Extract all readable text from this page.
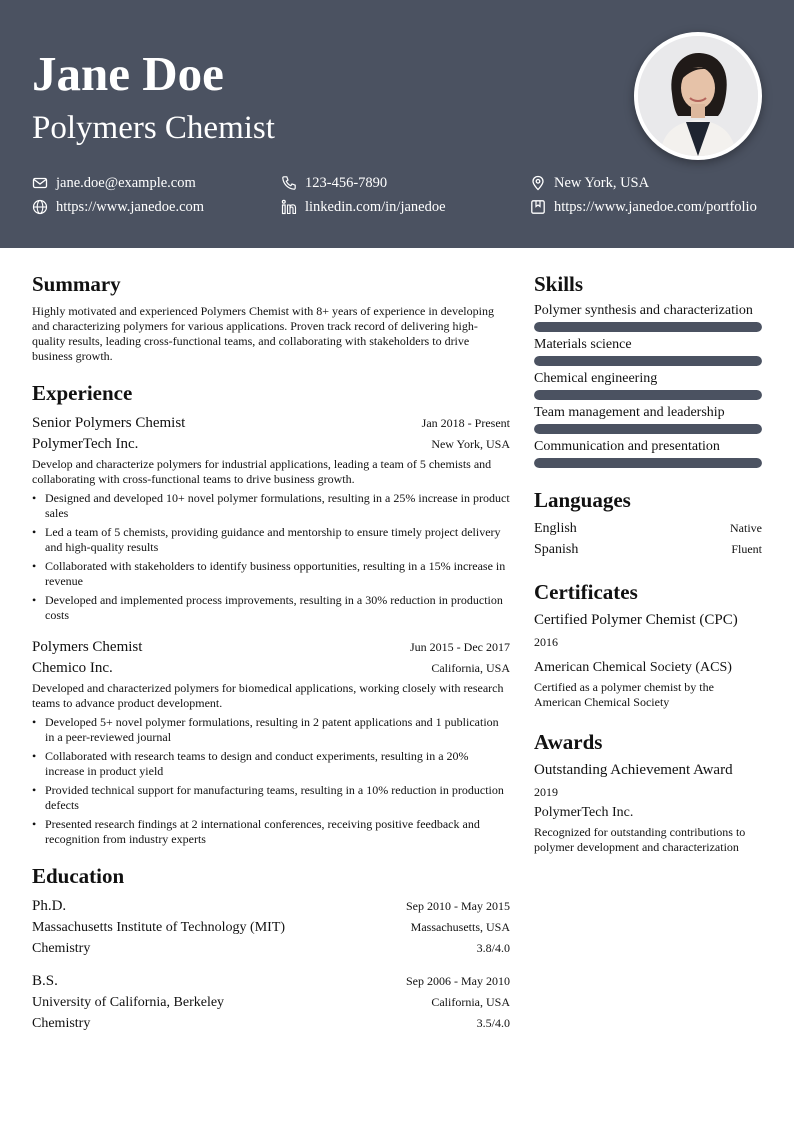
Jane Doe
Polymers Chemist
jane.doe@example.com	123-456-7890	New York, USA
https://www.janedoe.com	linkedin.com/in/janedoe	https://www.janedoe.com/portfolio
Summary
Highly motivated and experienced Polymers Chemist with 8+ years of experience in developing and characterizing polymers for various applications. Proven track record of delivering high-quality results, leading cross-functional teams, and collaborating with stakeholders to drive business growth.
Experience
Senior Polymers Chemist	Jan 2018 - Present
PolymerTech Inc.	New York, USA
Develop and characterize polymers for industrial applications, leading a team of 5 chemists and collaborating with cross-functional teams to drive business growth.
• Designed and developed 10+ novel polymer formulations, resulting in a 25% increase in product sales
• Led a team of 5 chemists, providing guidance and mentorship to ensure timely project delivery and high-quality results
• Collaborated with stakeholders to identify business opportunities, resulting in a 15% increase in revenue
• Developed and implemented process improvements, resulting in a 30% reduction in production costs
Polymers Chemist	Jun 2015 - Dec 2017
Chemico Inc.	California, USA
Developed and characterized polymers for biomedical applications, working closely with research teams to advance product development.
• Developed 5+ novel polymer formulations, resulting in 2 patent applications and 1 publication in a peer-reviewed journal
• Collaborated with research teams to design and conduct experiments, resulting in a 20% increase in product yield
• Provided technical support for manufacturing teams, resulting in a 10% reduction in production defects
• Presented research findings at 2 international conferences, receiving positive feedback and recognition from industry experts
Education
Ph.D.	Sep 2010 - May 2015
Massachusetts Institute of Technology (MIT)	Massachusetts, USA
Chemistry	3.8/4.0
B.S.	Sep 2006 - May 2010
University of California, Berkeley	California, USA
Chemistry	3.5/4.0
Skills
Polymer synthesis and characterization
Materials science
Chemical engineering
Team management and leadership
Communication and presentation
Languages
English	Native
Spanish	Fluent
Certificates
Certified Polymer Chemist (CPC)
2016
American Chemical Society (ACS)
Certified as a polymer chemist by the American Chemical Society
Awards
Outstanding Achievement Award
2019
PolymerTech Inc.
Recognized for outstanding contributions to polymer development and characterization
